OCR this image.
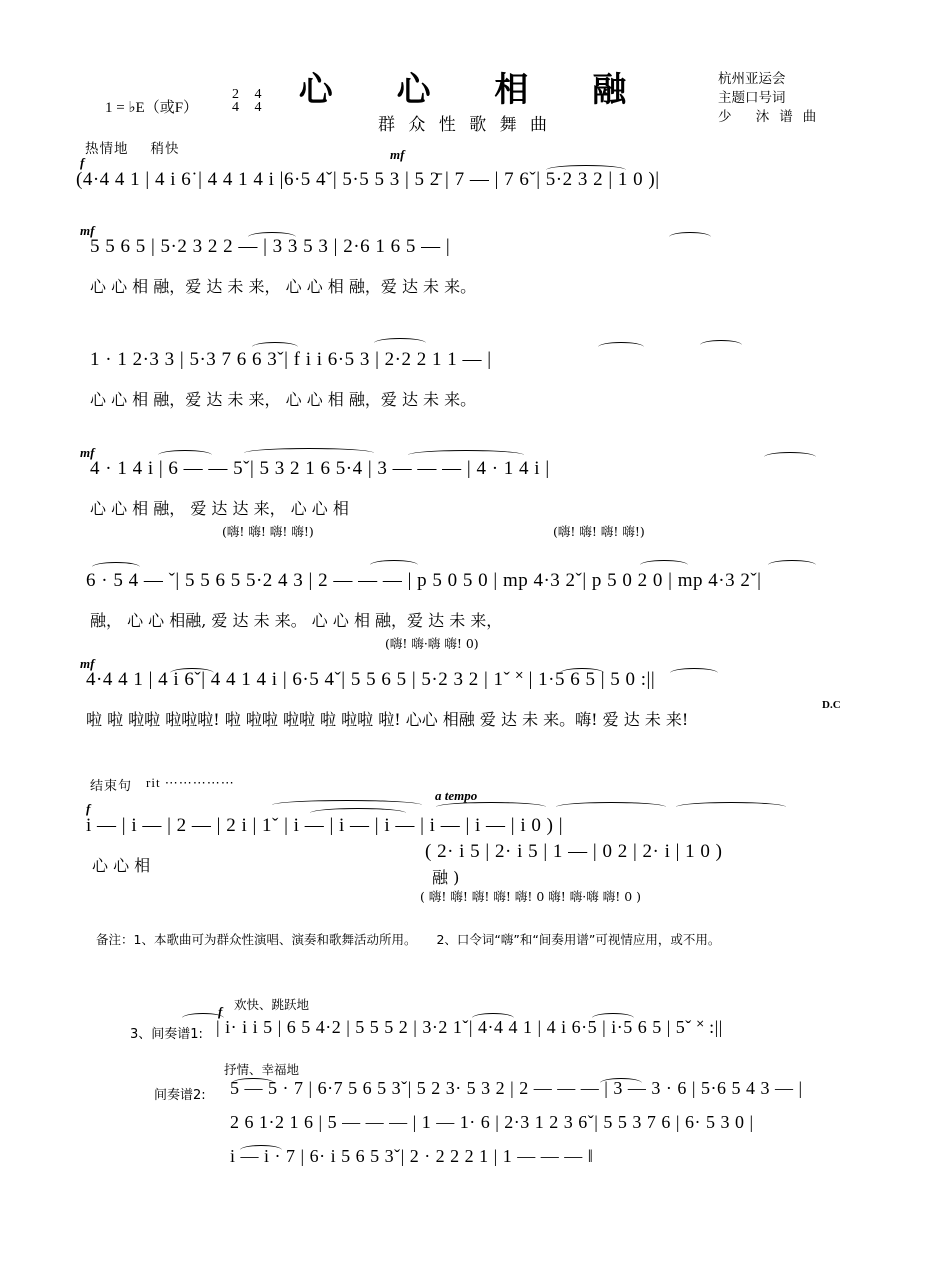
心 心 相 融
群 众 性 歌 舞 曲
杭州亚运会
主题口号词
少 沐谱曲
1 = ♭E（或F）
2
4

4
4
热情地 稍快
f
mf
(4·4 4 1 | 4 i 6˙| 4 4 1 4 i |6·5 4ˇ| 5·5 5 3 | 5 2̄ | 7 — | 7 6ˇ| 5·2 3 2 | 1 0 )|
mf
5 5 6 5 | 5·2 3 2 2 — | 3 3 5 3 | 2·6 1 6 5 — |
心 心 相 融，爱 达 未 来， 心 心 相 融，爱 达 未 来。
1 · 1 2·3 3 | 5·3 7 6 6 3ˇ| f i i 6·5 3 | 2·2 2 1 1 — |
心 心 相 融，爱 达 未 来， 心 心 相 融，爱 达 未 来。
mf
4 · 1 4 i | 6 — — 5ˇ| 5 3 2 1 6 5·4 | 3 — — — | 4 · 1 4 i |
心 心 相 融， 爱 达 达 来， 心 心 相
(嗨! 嗨! 嗨! 嗨!)	(嗨! 嗨! 嗨! 嗨!)
6 · 5 4 — ˇ| 5 5 6 5 5·2 4 3 | 2 — — — | p 5 0 5 0 | mp 4·3 2ˇ| p 5 0 2 0 | mp 4·3 2ˇ|
融， 心 心 相融, 爱 达 未 来。 心 心 相 融，爱 达 未 来，
(嗨! 嗨·嗨 嗨! 0)
mf
4·4 4 1 | 4 i 6ˇ| 4 4 1 4 i | 6·5 4ˇ| 5 5 6 5 | 5·2 3 2 | 1ˇ ˟ | 1·5 6 5 | 5 0 :||
啦 啦 啦啦 啦啦啦! 啦 啦啦 啦啦 啦 啦啦 啦! 心心 相融 爱 达 未 来。嗨! 爱 达 未 来!
D.C
结束句 rit ⋯⋯⋯⋯⋯
a tempo
f
i — | i — | 2 — | 2 i | 1ˇ | i — | i — | i — | i — | i — | i 0 ) |
心 心 相
( 2· i 5 | 2· i 5 | 1 — | 0 2 | 2· i | 1 0 )
融 )
( 嗨! 嗨! 嗨! 嗨! 嗨! 0 嗨! 嗨·嗨 嗨! 0 )
备注：1、本歌曲可为群众性演唱、演奏和歌舞活动所用。 2、口令词“嗨”和“间奏用谱”可视情应用，或不用。
欢快、跳跃地
f
3、间奏谱1: | i· i i 5 | 6 5 4·2 | 5 5 5 2 | 3·2 1ˇ| 4·4 4 1 | 4 i 6·5 | i·5 6 5 | 5ˇ ˟ :||
抒情、幸福地
间奏谱2: 5 — 5 · 7 | 6·7 5 6 5 3ˇ| 5 2 3· 5 3 2 | 2 — — — | 3 — 3 · 6 | 5·6 5 4 3 — |
2 6 1·2 1 6 | 5 — — — | 1 — 1· 6 | 2·3 1 2 3 6ˇ| 5 5 3 7 6 | 6· 5 3 0 |
i — i · 7 | 6· i 5 6 5 3ˇ| 2 · 2 2 2 1 | 1 — — — ‖
